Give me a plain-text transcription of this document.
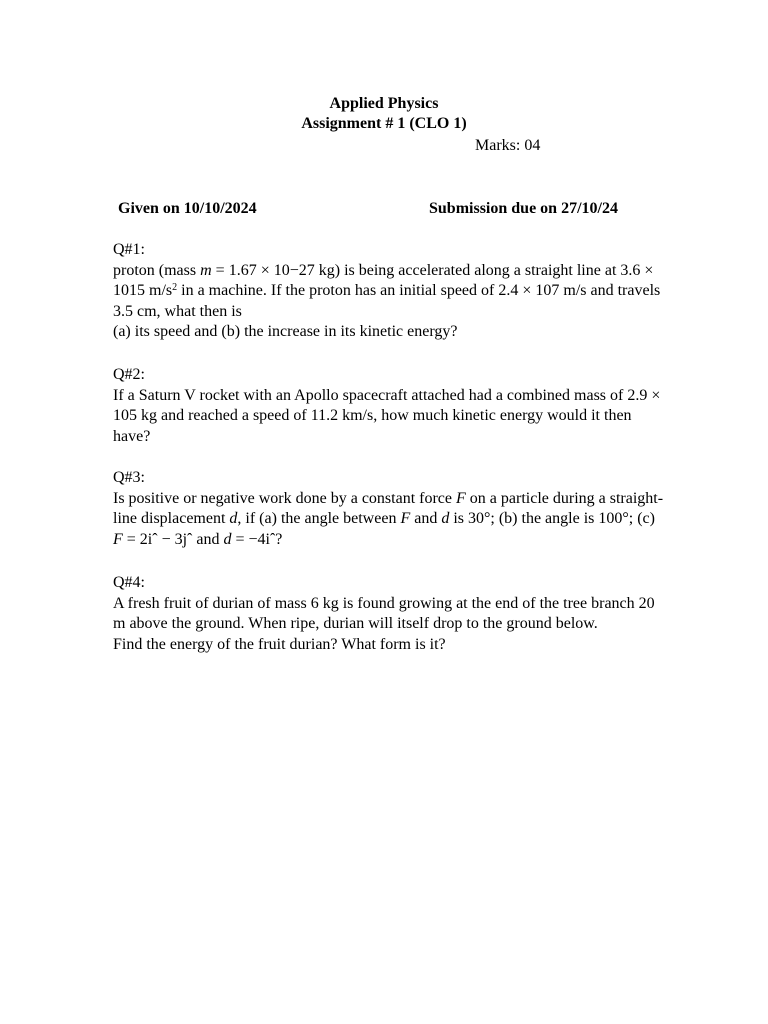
Applied Physics
Assignment # 1 (CLO 1)
Marks: 04
Given on 10/10/2024	Submission due on 27/10/24

Q#1:

proton (mass m = 1.67 × 10−27 kg) is being accelerated along a straight line at 3.6 ×
1015 $m/s^2$ in a machine. If the proton has an initial speed of 2.4 × 107 m/s and travels
3.5 cm, what then is
(a) its speed and (b) the increase in its kinetic energy?

Q#2:

If a Saturn V rocket with an Apollo spacecraft attached had a combined mass of 2.9 ×
105 kg and reached a speed of 11.2 km/s, how much kinetic energy would it then
have?

Q#3:

Is positive or negative work done by a constant force F on a particle during a straight-
line displacement d, if (a) the angle between F and d is 30°; (b) the angle is 100°; (c)
F = 2iˆ − 3jˆ and d = −4iˆ?

Q#4:

A fresh fruit of durian of mass 6 kg is found growing at the end of the tree branch 20
m above the ground. When ripe, durian will itself drop to the ground below.
Find the energy of the fruit durian? What form is it?
